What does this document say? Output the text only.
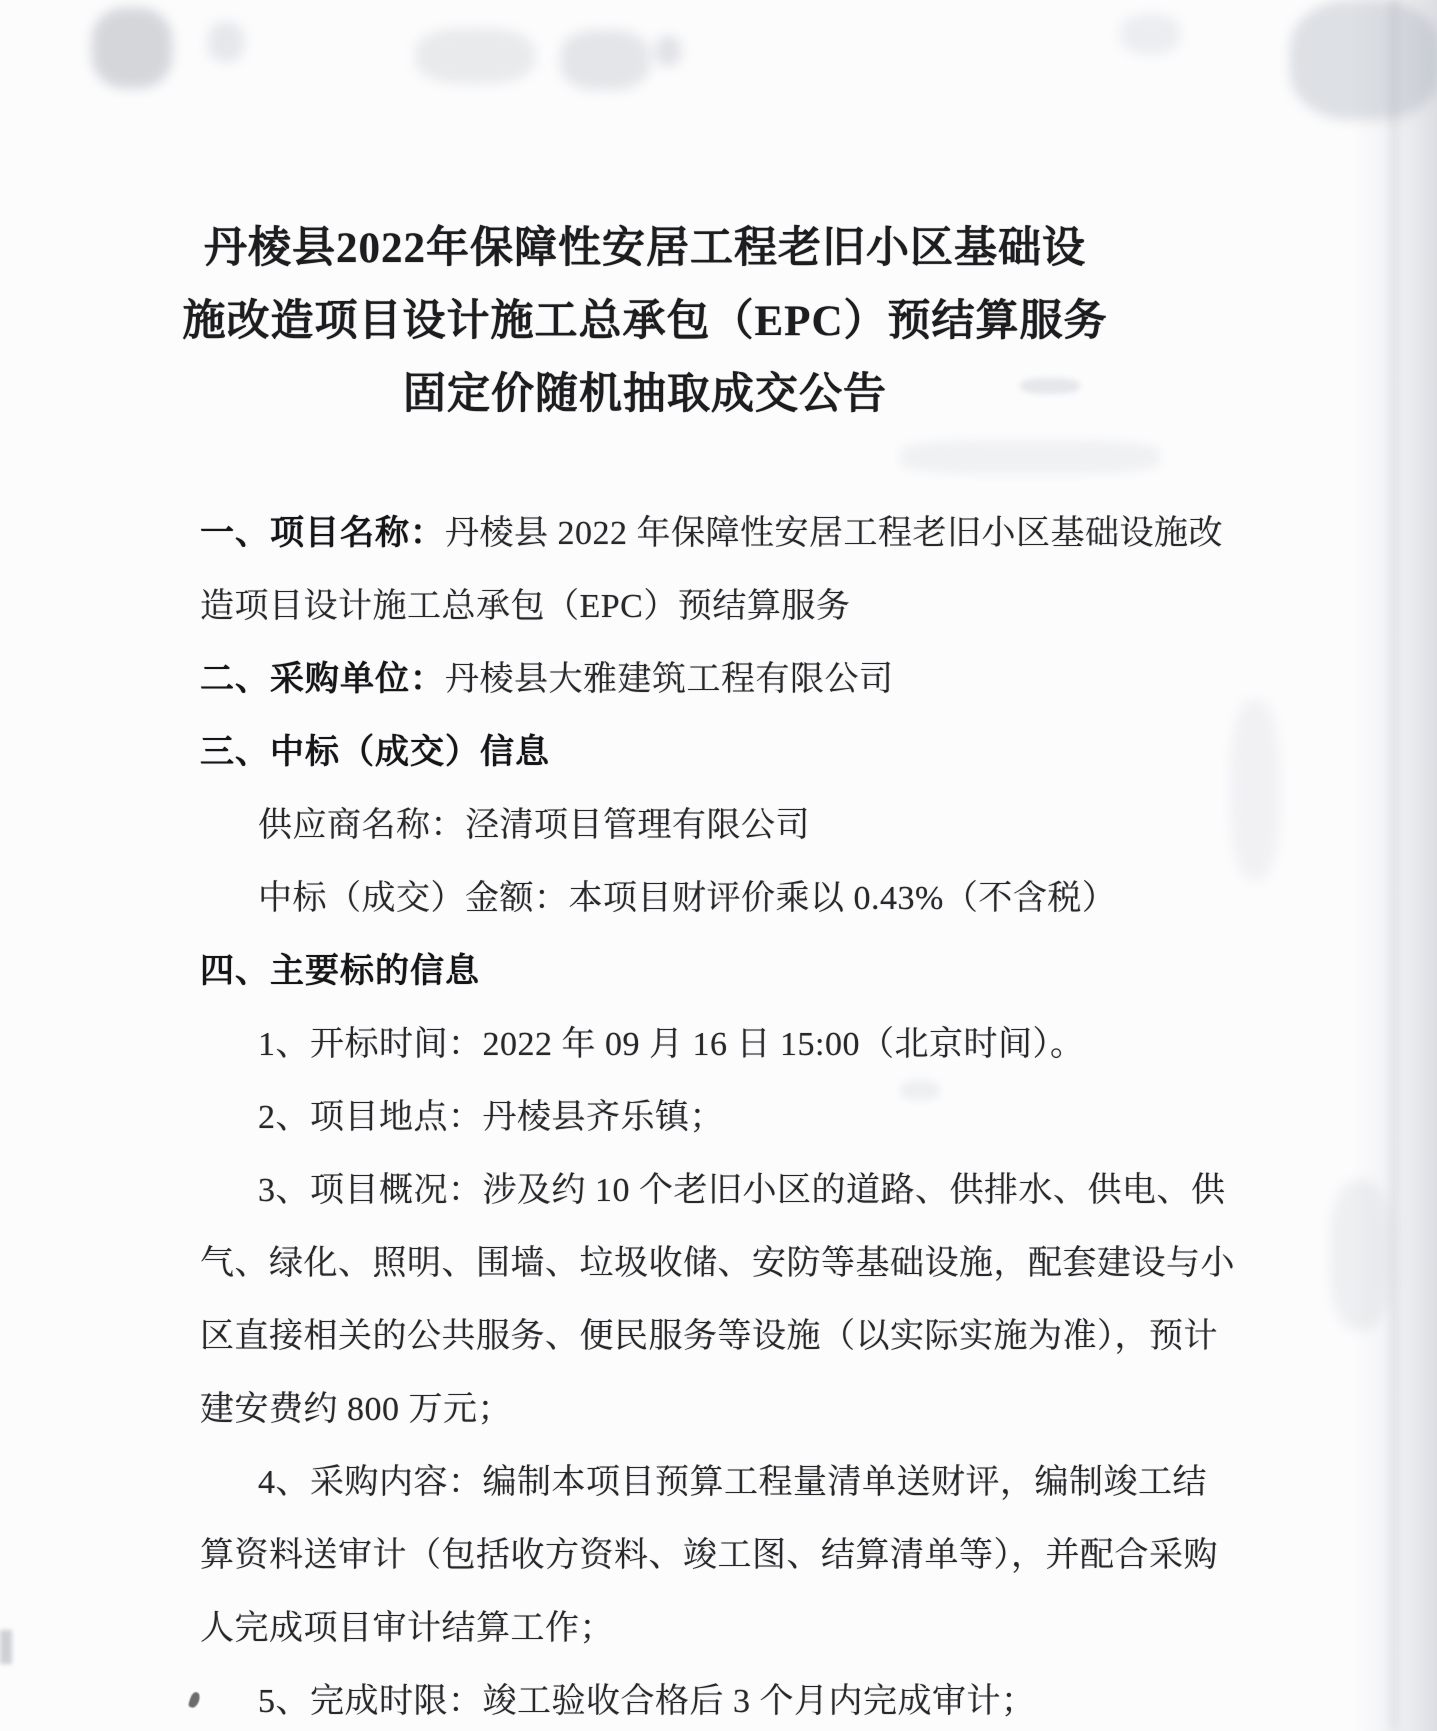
丹棱县2022年保障性安居工程老旧小区基础设
施改造项目设计施工总承包（EPC）预结算服务
固定价随机抽取成交公告
一、项目名称：丹棱县 2022 年保障性安居工程老旧小区基础设施改
造项目设计施工总承包（EPC）预结算服务
二、采购单位：丹棱县大雅建筑工程有限公司
三、中标（成交）信息
供应商名称：泾清项目管理有限公司
中标（成交）金额：本项目财评价乘以 0.43%（不含税）
四、主要标的信息
1、开标时间：2022 年 09 月 16 日 15:00（北京时间）。
2、项目地点：丹棱县齐乐镇；
3、项目概况：涉及约 10 个老旧小区的道路、供排水、供电、供
气、绿化、照明、围墙、垃圾收储、安防等基础设施，配套建设与小
区直接相关的公共服务、便民服务等设施（以实际实施为准），预计
建安费约 800 万元；
4、采购内容：编制本项目预算工程量清单送财评，编制竣工结
算资料送审计（包括收方资料、竣工图、结算清单等），并配合采购
人完成项目审计结算工作；
5、完成时限：竣工验收合格后 3 个月内完成审计；
